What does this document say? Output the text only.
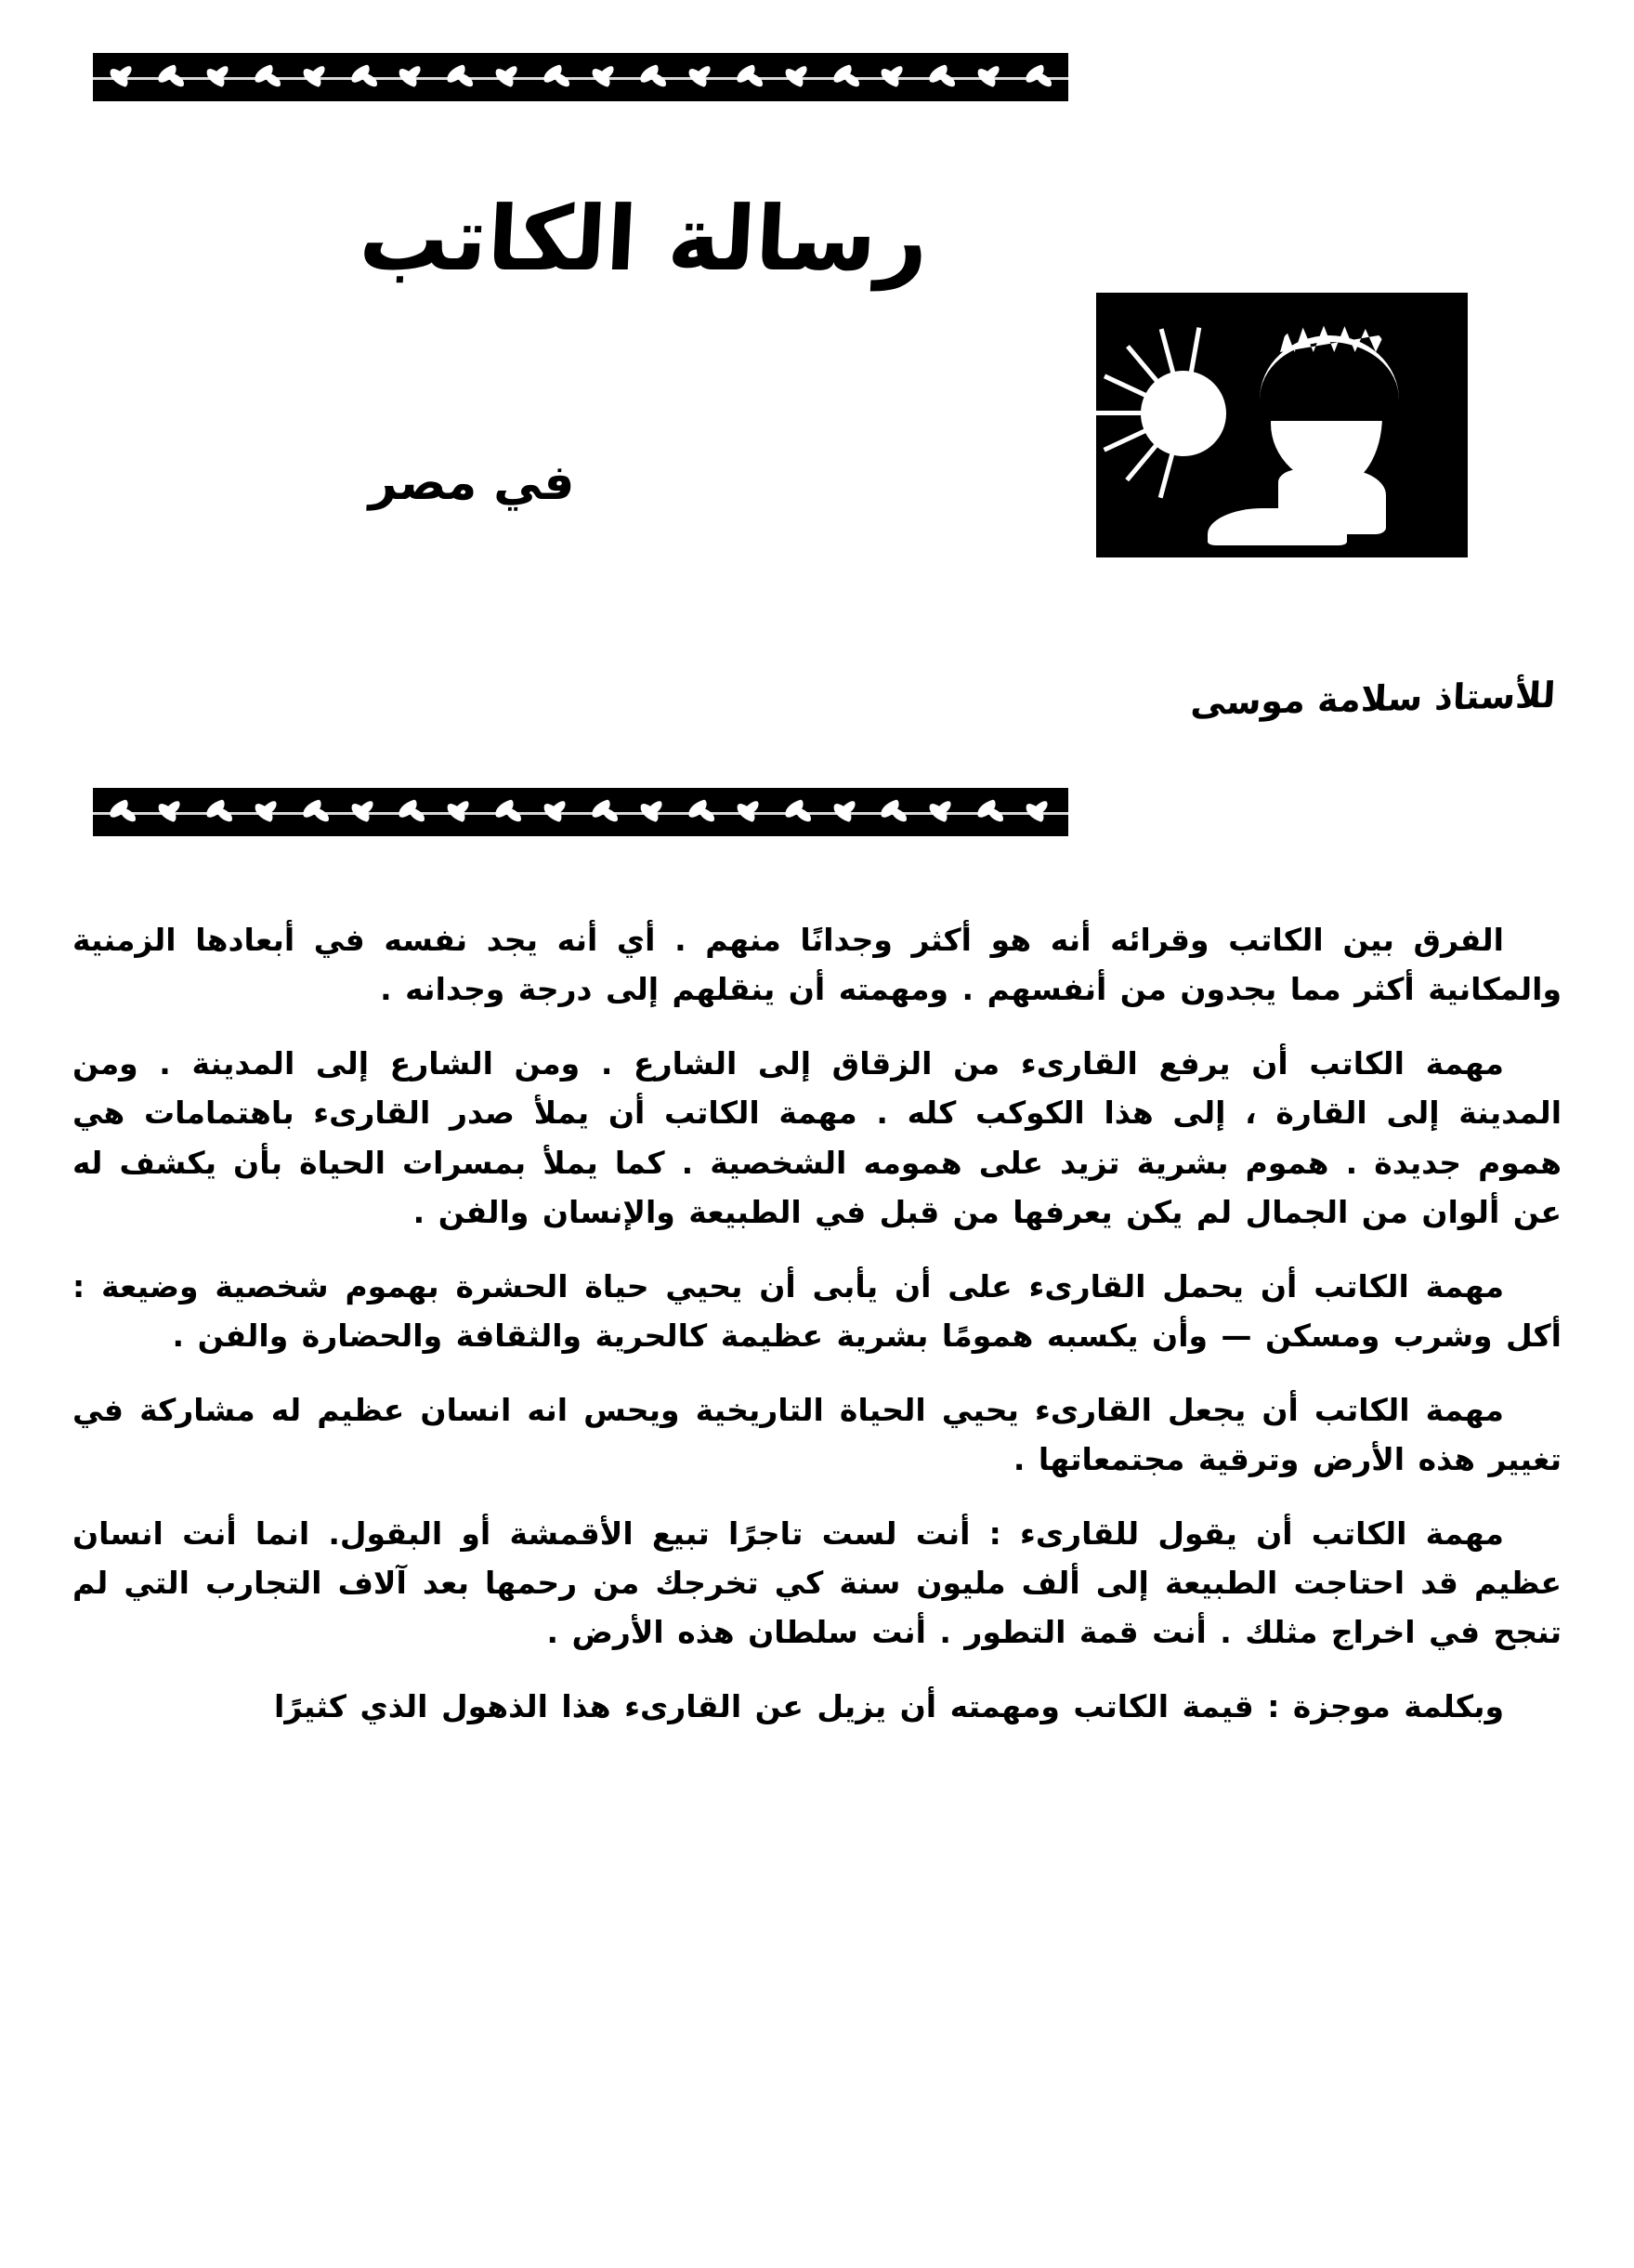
رسالة الكاتب
في مصر
للأستاذ سلامة موسى

الفرق بين الكاتب وقرائه أنه هو أكثر وجدانًا منهم . أي أنه يجد نفسه في أبعادها الزمنية والمكانية أكثر مما يجدون من أنفسهم . ومهمته أن ينقلهم إلى درجة وجدانه .

مهمة الكاتب أن يرفع القارىء من الزقاق إلى الشارع . ومن الشارع إلى المدينة . ومن المدينة إلى القارة ، إلى هذا الكوكب كله . مهمة الكاتب أن يملأ صدر القارىء باهتمامات هي هموم جديدة . هموم بشرية تزيد على همومه الشخصية . كما يملأ بمسرات الحياة بأن يكشف له عن ألوان من الجمال لم يكن يعرفها من قبل في الطبيعة والإنسان والفن .

مهمة الكاتب أن يحمل القارىء على أن يأبى أن يحيي حياة الحشرة بهموم شخصية وضيعة : أكل وشرب ومسكن — وأن يكسبه همومًا بشرية عظيمة كالحرية والثقافة والحضارة والفن .

مهمة الكاتب أن يجعل القارىء يحيي الحياة التاريخية ويحس انه انسان عظيم له مشاركة في تغيير هذه الأرض وترقية مجتمعاتها .

مهمة الكاتب أن يقول للقارىء : أنت لست تاجرًا تبيع الأقمشة أو البقول. انما أنت انسان عظيم قد احتاجت الطبيعة إلى ألف مليون سنة كي تخرجك من رحمها بعد آلاف التجارب التي لم تنجح في اخراج مثلك . أنت قمة التطور . أنت سلطان هذه الأرض .

وبكلمة موجزة : قيمة الكاتب ومهمته أن يزيل عن القارىء هذا الذهول الذي كثيرًا
